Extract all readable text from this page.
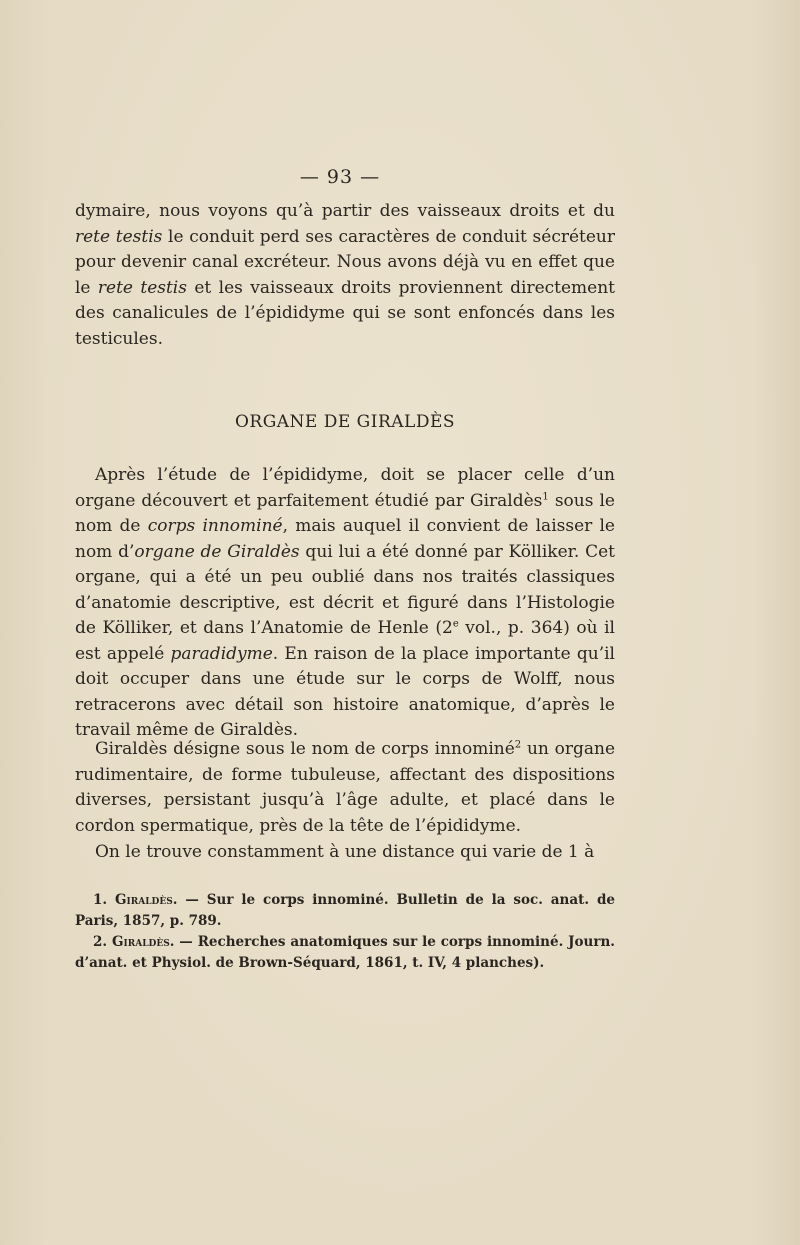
— 93 —

dymaire, nous voyons qu’à partir des vaisseaux droits et du rete testis le conduit perd ses caractères de conduit sécréteur pour devenir canal excréteur. Nous avons déjà vu en effet que le rete testis et les vaisseaux droits proviennent directement des canalicules de l’épididyme qui se sont enfoncés dans les testicules.

ORGANE DE GIRALDÈS

Après l’étude de l’épididyme, doit se placer celle d’un organe découvert et parfaitement étudié par Giraldès$^1$ sous le nom de corps innominé, mais auquel il convient de laisser le nom d’organe de Giraldès qui lui a été donné par Kölliker. Cet organe, qui a été un peu oublié dans nos traités classiques d’anatomie descriptive, est décrit et figuré dans l’Histologie de Kölliker, et dans l’Anatomie de Henle (2e vol., p. 364) où il est appelé paradidyme. En raison de la place importante qu’il doit occuper dans une étude sur le corps de Wolff, nous retracerons avec détail son histoire anatomique, d’après le travail même de Giraldès.

Giraldès désigne sous le nom de corps innominé$^2$ un organe rudimentaire, de forme tubuleuse, affectant des dispositions diverses, persistant jusqu’à l’âge adulte, et placé dans le cordon spermatique, près de la tête de l’épididyme.

On le trouve constamment à une distance qui varie de 1 à

1. Giraldès. — Sur le corps innominé. Bulletin de la soc. anat. de Paris, 1857, p. 789.

2. Giraldès. — Recherches anatomiques sur le corps innominé. Journ. d’anat. et Physiol. de Brown-Séquard, 1861, t. IV, 4 planches).
